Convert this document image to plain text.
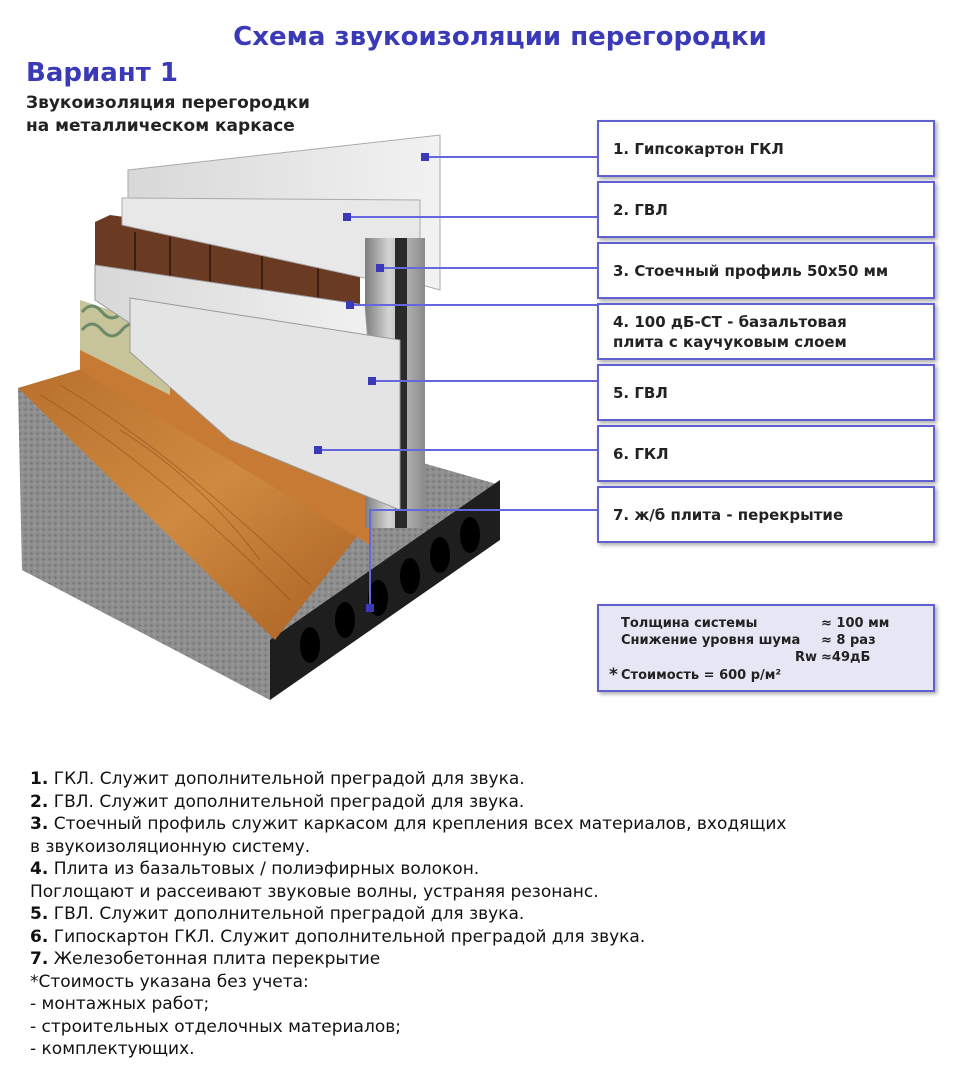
Схема звукоизоляции перегородки
Вариант 1
Звукоизоляция перегородки
на металлическом каркасе
1. Гипсокартон ГКЛ
2. ГВЛ
3. Стоечный профиль 50х50 мм
4. 100 дБ-СТ - базальтовая
плита с каучуковым слоем
5. ГВЛ
6. ГКЛ
7. ж/б плита - перекрытие
Толщина системы	≈ 100 мм
Снижение уровня шума ≈ 8 раз
Rw ≈49дБ
* Стоимость = 600 р/м²
1. ГКЛ. Служит дополнительной преградой для звука.
2. ГВЛ. Служит дополнительной преградой для звука.
3. Стоечный профиль служит каркасом для крепления всех материалов, входящих
в звукоизоляционную систему.
4. Плита из базальтовых / полиэфирных волокон.
Поглощают и рассеивают звуковые волны, устраняя резонанс.
5. ГВЛ. Служит дополнительной преградой для звука.
6. Гипоскартон ГКЛ. Служит дополнительной преградой для звука.
7. Железобетонная плита перекрытие
*Стоимость указана без учета:
- монтажных работ;
- строительных отделочных материалов;
- комплектующих.
